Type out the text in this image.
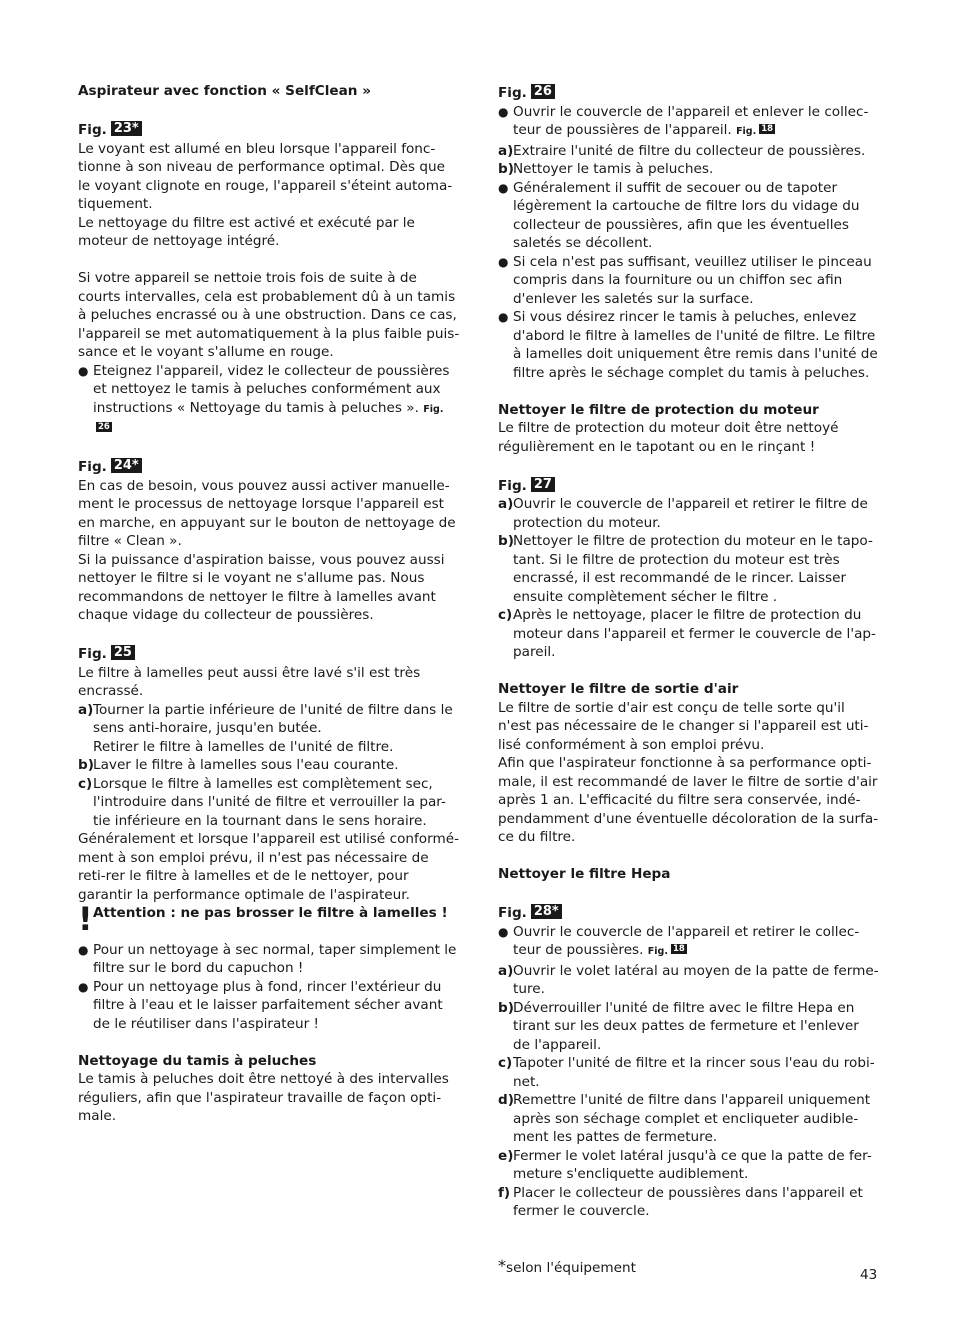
Aspirateur avec fonction « SelfClean »

Fig. 23*

Le voyant est allumé en bleu lorsque l'appareil fonc-tionne à son niveau de performance optimal. Dès que le voyant clignote en rouge, l'appareil s'éteint automa-tiquement.

Le nettoyage du filtre est activé et exécuté par le moteur de nettoyage intégré.

Si votre appareil se nettoie trois fois de suite à de courts intervalles, cela est probablement dû à un tamis à peluches encrassé ou à une obstruction. Dans ce cas, l'appareil se met automatiquement à la plus faible puis-sance et le voyant s'allume en rouge.

● Eteignez l'appareil, videz le collecteur de poussières et nettoyez le tamis à peluches conformément aux instructions « Nettoyage du tamis à peluches ». Fig.26
Fig. 24*

En cas de besoin, vous pouvez aussi activer manuelle-ment le processus de nettoyage lorsque l'appareil est en marche, en appuyant sur le bouton de nettoyage de filtre « Clean ».

Si la puissance d'aspiration baisse, vous pouvez aussi nettoyer le filtre si le voyant ne s'allume pas. Nous recommandons de nettoyer le filtre à lamelles avant chaque vidage du collecteur de poussières.

Fig. 25

Le filtre à lamelles peut aussi être lavé s'il est très encrassé.

a) Tourner la partie inférieure de l'unité de filtre dans le sens anti-horaire, jusqu'en butée.
Retirer le filtre à lamelles de l'unité de filtre.
b) Laver le filtre à lamelles sous l'eau courante.
c) Lorsque le filtre à lamelles est complètement sec, l'introduire dans l'unité de filtre et verrouiller la par-tie inférieure en la tournant dans le sens horaire.

Généralement et lorsque l'appareil est utilisé conformé-ment à son emploi prévu, il n'est pas nécessaire de reti-rer le filtre à lamelles et de le nettoyer, pour garantir la performance optimale de l'aspirateur.

! Attention : ne pas brosser le filtre à lamelles !
● Pour un nettoyage à sec normal, taper simplement le filtre sur le bord du capuchon !
● Pour un nettoyage plus à fond, rincer l'extérieur du filtre à l'eau et le laisser parfaitement sécher avant de le réutiliser dans l'aspirateur !

Nettoyage du tamis à peluches

Le tamis à peluches doit être nettoyé à des intervalles réguliers, afin que l'aspirateur travaille de façon opti-male.

Fig. 26
● Ouvrir le couvercle de l'appareil et enlever le collec-teur de poussières de l'appareil. Fig. 18
a) Extraire l'unité de filtre du collecteur de poussières.
b) Nettoyer le tamis à peluches.
● Généralement il suffit de secouer ou de tapoter légèrement la cartouche de filtre lors du vidage du collecteur de poussières, afin que les éventuelles saletés se décollent.
● Si cela n'est pas suffisant, veuillez utiliser le pinceau compris dans la fourniture ou un chiffon sec afin d'enlever les saletés sur la surface.
● Si vous désirez rincer le tamis à peluches, enlevez d'abord le filtre à lamelles de l'unité de filtre. Le filtre à lamelles doit uniquement être remis dans l'unité de filtre après le séchage complet du tamis à peluches.

Nettoyer le filtre de protection du moteur

Le filtre de protection du moteur doit être nettoyé régulièrement en le tapotant ou en le rinçant !

Fig. 27
a) Ouvrir le couvercle de l'appareil et retirer le filtre de protection du moteur.
b) Nettoyer le filtre de protection du moteur en le tapo-tant. Si le filtre de protection du moteur est très encrassé, il est recommandé de le rincer. Laisser ensuite complètement sécher le filtre .
c) Après le nettoyage, placer le filtre de protection du moteur dans l'appareil et fermer le couvercle de l'ap-pareil.

Nettoyer le filtre de sortie d'air

Le filtre de sortie d'air est conçu de telle sorte qu'il n'est pas nécessaire de le changer si l'appareil est uti-lisé conformément à son emploi prévu.

Afin que l'aspirateur fonctionne à sa performance opti-male, il est recommandé de laver le filtre de sortie d'air après 1 an. L'efficacité du filtre sera conservée, indé-pendamment d'une éventuelle décoloration de la surfa-ce du filtre.

Nettoyer le filtre Hepa

Fig. 28*
● Ouvrir le couvercle de l'appareil et retirer le collec-teur de poussières. Fig. 18
a) Ouvrir le volet latéral au moyen de la patte de ferme-ture.
b) Déverrouiller l'unité de filtre avec le filtre Hepa en tirant sur les deux pattes de fermeture et l'enlever de l'appareil.
c) Tapoter l'unité de filtre et la rincer sous l'eau du robi-net.
d) Remettre l'unité de filtre dans l'appareil uniquement après son séchage complet et encliqueter audible-ment les pattes de fermeture.
e) Fermer le volet latéral jusqu'à ce que la patte de fer-meture s'encliquette audiblement.
f) Placer le collecteur de poussières dans l'appareil et fermer le couvercle.
*selon l'équipement	43
